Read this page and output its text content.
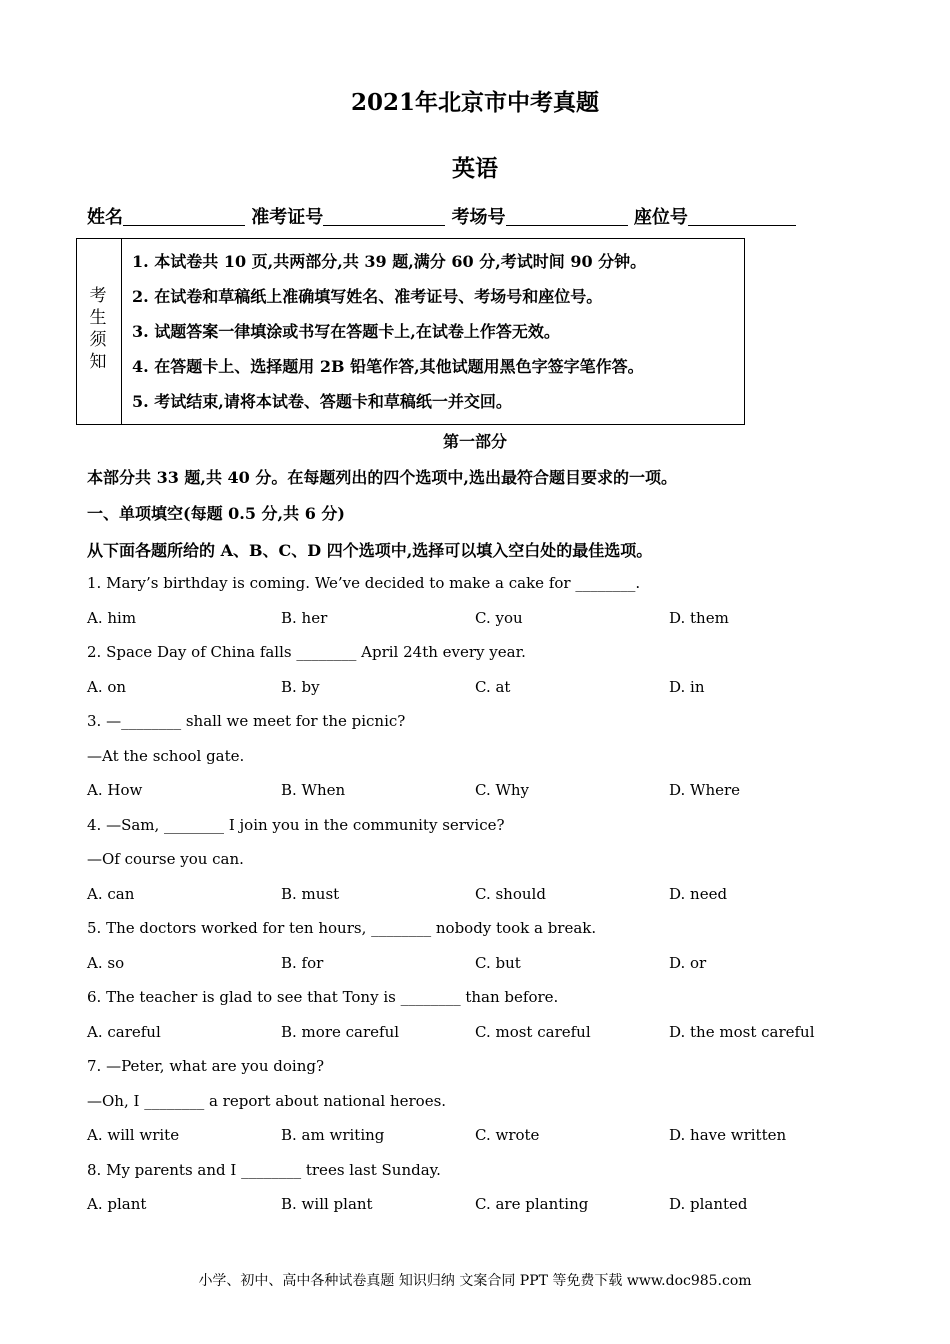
2021年北京市中考真题
英语
姓名	准考证号	考场号	座位号
考
生
须
知
1. 本试卷共 10 页,共两部分,共 39 题,满分 60 分,考试时间 90 分钟。
2. 在试卷和草稿纸上准确填写姓名、准考证号、考场号和座位号。
3. 试题答案一律填涂或书写在答题卡上,在试卷上作答无效。
4. 在答题卡上、选择题用 2B 铅笔作答,其他试题用黑色字签字笔作答。
5. 考试结束,请将本试卷、答题卡和草稿纸一并交回。
第一部分
本部分共 33 题,共 40 分。在每题列出的四个选项中,选出最符合题目要求的一项。
一、单项填空(每题 0.5 分,共 6 分)
从下面各题所给的 A、B、C、D 四个选项中,选择可以填入空白处的最佳选项。
1. Mary’s birthday is coming. We’ve decided to make a cake for ________.
A. him	B. her	C. you	D. them
2. Space Day of China falls ________ April 24th every year.
A. on	B. by	C. at	D. in
3. —________ shall we meet for the picnic?
—At the school gate.
A. How	B. When	C. Why	D. Where
4. —Sam, ________ I join you in the community service?
—Of course you can.
A. can	B. must	C. should	D. need
5. The doctors worked for ten hours, ________ nobody took a break.
A. so	B. for	C. but	D. or
6. The teacher is glad to see that Tony is ________ than before.
A. careful	B. more careful	C. most careful	D. the most careful
7. —Peter, what are you doing?
—Oh, I ________ a report about national heroes.
A. will write	B. am writing	C. wrote	D. have written
8. My parents and I ________ trees last Sunday.
A. plant	B. will plant	C. are planting	D. planted
小学、初中、高中各种试卷真题 知识归纳 文案合同 PPT 等免费下载 www.doc985.com
